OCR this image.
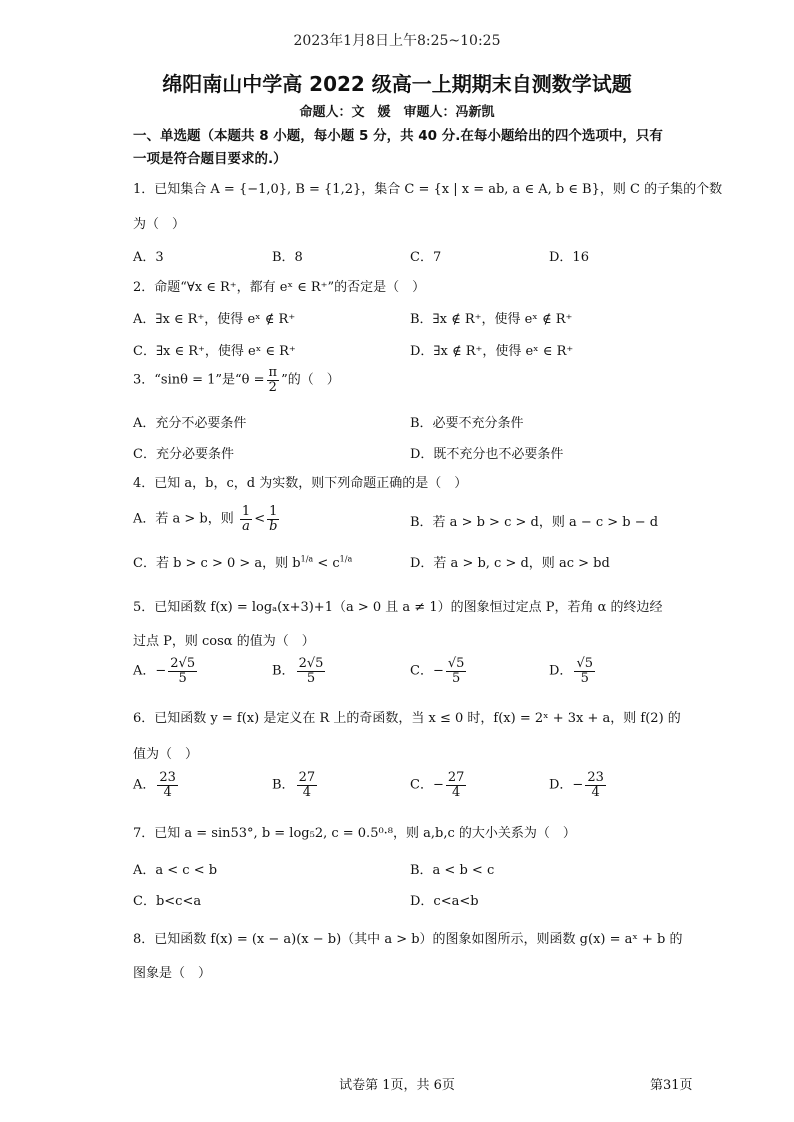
2023年1月8日上午8:25~10:25
绵阳南山中学高 2022 级高一上期期末自测数学试题
命题人：文　媛　审题人：冯新凯
一、单选题（本题共 8 小题，每小题 5 分，共 40 分.在每小题给出的四个选项中，只有
一项是符合题目要求的.）
1．已知集合 A = {−1,0}, B = {1,2}，集合 C = {x | x = ab, a ∈ A, b ∈ B}，则 C 的子集的个数
为（　）
A．3	B．8	C．7	D．16
2．命题“∀x ∈ R⁺，都有 eˣ ∈ R⁺”的否定是（　）
A．∃x ∈ R⁺，使得 eˣ ∉ R⁺	B．∃x ∉ R⁺，使得 eˣ ∉ R⁺
C．∃x ∈ R⁺，使得 eˣ ∈ R⁺	D．∃x ∉ R⁺，使得 eˣ ∈ R⁺
3．“sinθ = 1”是“$\theta = \frac{\pi}{2}$ ”的（　）
A．充分不必要条件	B．必要不充分条件
C．充分必要条件	D．既不充分也不必要条件
4．已知 a，b，c，d 为实数，则下列命题正确的是（　）
A．若 a > b，则 $\frac{1}{a} < \frac{1}{b}$	B．若 a > b > c > d，则 a − c > b − d
C．若 b > c > 0 > a，则 $b^{1/a} < c^{1/a}$	D．若 a > b, c > d，则 ac > bd
5．已知函数 f(x) = logₐ(x+3)+1（a > 0 且 a ≠ 1）的图象恒过定点 P，若角 α 的终边经
过点 P，则 cosα 的值为（　）
A．− $\frac{2√5}{5}$	B． $\frac{2√5}{5}$	C．− $\frac{√5}{5}$	D． $\frac{√5}{5}$
6．已知函数 y = f(x) 是定义在 R 上的奇函数，当 x ≤ 0 时，f(x) = 2ˣ + 3x + a，则 f(2) 的
值为（　）
A． $\frac{23}{4}$	B． $\frac{27}{4}$	C．− $\frac{27}{4}$	D．− $\frac{23}{4}$
7．已知 a = sin53°, b = log₅2, c = 0.5⁰·⁸，则 a,b,c 的大小关系为（　）
A．a < c < b	B．a < b < c
C．b<c<a	D．c<a<b
8．已知函数 f(x) = (x − a)(x − b)（其中 a > b）的图象如图所示，则函数 g(x) = aˣ + b 的
图象是（　）
试卷第 1页，共 6页	第31页
